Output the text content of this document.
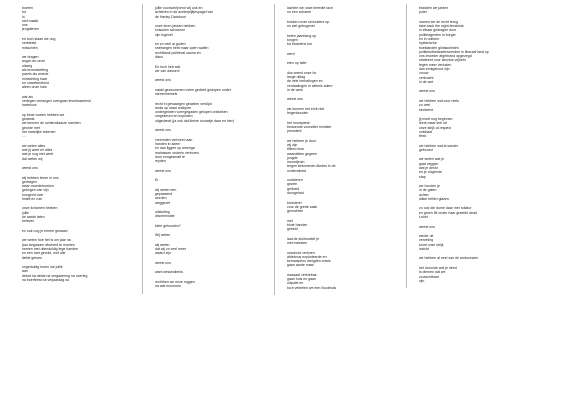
boeren
tot
in
stof maakt
ons
jeugdleven
en toch staan we nog
verbleekt
misschien
we dragen
angst om onze
uitweg
als levensketting
parels als woede
minachting haat
en onwetendheid
aleen onze hals
wat als
verlegen verlangen overgaan levenbaarheid
harteloos
op blote voeten hebben we
gedanst
we kennen de ochtendlaarze nachten
geurde met
het hartelijke tekenen
....
we weten alles
wat jij weet en alles
wat je nog niet weet
dat weten wij
weest ons
wij hebben leven in ons
gedragen
waar moederkoeken
gebogen van vijn
hongerid over
tintelt en ruin
onze lichamen hebben
jullie
de aarde laten
beleven
en ook nog je ermee gewaad
we weten hoe het is om jaar na
jaar langzaam afscheid te moeten
nemen met uitenduldig lege handen
en een hart gevuld, met alle
liefde geloen
ongeduldig horen we jullie
aan
debat na debat na vergadering na overleg
na boerfeest na verjaardag na
jullie voorschrijvend wij ook en
achteren in de achterpijltjespagel van
de Harley-Davidson
onze leren jassen hebben
knisuken schoenen
zijn ingevet
en zo veel al goden
snelwegen hebt maar open wallen
rechtbank politieval sauna en
disco
En toch heb wat
we van dansen!
weest ons
naakt gezwommen ovien gedicht gedopen onder
sterrenhemels
recht in gewaargen gewaten verdipd
lanks op staat ontlopen
ondergeloten vormgegaden gelopen ontweken
omgekeurd en kopiloten
uitgedanst (ja ook dat kleine vrouwtje daar en hier)
weest ons
vreemden verboren aan
handen in adem
en dan liggen op ameriga
mahassen onderin verboren
door zongesmalt te
reyden
weest ons
Er
wij weten een
gepassend
worden
weggezet
uitsluiting
discriminatie
klein gehouden?
Wij weten
wij weten
dat wij zo veel meer
waard zijn
weest ons
want dessindierks
rechthen we onze roggen
na wat mommen
lachten we onze breedte lach
nu een schame
trokken onze schouders op
nu wel gebogener
beten jaarelang op
tongen
tot bloedens toe
werd
eten op tafel
dus weest onze ho
lange uitlag
de vele herhalingen en
verdaalingen in witheis adem
in de werk
weest ons
we kunnen het echt niet
feigenbouden
het hoorspiedn
beduende voorsitter minister
president
we hebben je door
wij zijn
tlfleed door
waardeiten gegeen
jongde
moordjeuin
tergen bekommen Aledes in de
ochtendmist
oudsteren
gezien
gelloeid
doorgehad
bloederel
voor de grede zaak
gevochten
met
blote handen
gebeid
laat de sluitmobiel je
niet meesten
onschuld verloren
afdeknus explodeerde en
kernwapens dreigden onwis
gaan aarde maar
massaal verkrebas
gaan huis en gaan
uitpuldt en
toch verkelen we een Noubhuis
bradden we jarden
putel
namen we de recht terug
take back the night-feminists
in elkaar gedragen door
politieagenten in burger
en in uniform
hysterische
boeklanden glimlacheden
politiekutbelandenvereden in liberaal land op
ons imoeder afgebrand opgezegd
strateerd voor abortus vrijheid
tegen meer verloden
dan echtgenoot zijn
vrouw
verkracht
in de wet
weest ons
we hebben wat voor niets
zo veel
kindeene
jij moet nog beginnen
leers maar ieel uit
onze strijk al respect
onkibaai
flesh
we hebben wat al sander
gebooed
we weten wat je
gaat zeggen
wat je denkt
en je volgende
stap
we houden je
in de gaten
achter
dikke brillen glazen
zo ook die dome daar met rollator
en groen lift onder haar grateful dead
t-shirt
weest ons
weder uit
verveling
komt onze strijk
inzicht
we hebben al veel van de ambvonden
het donorde wat je deed
is diemen dat we
zouwchtbaar
zijn
